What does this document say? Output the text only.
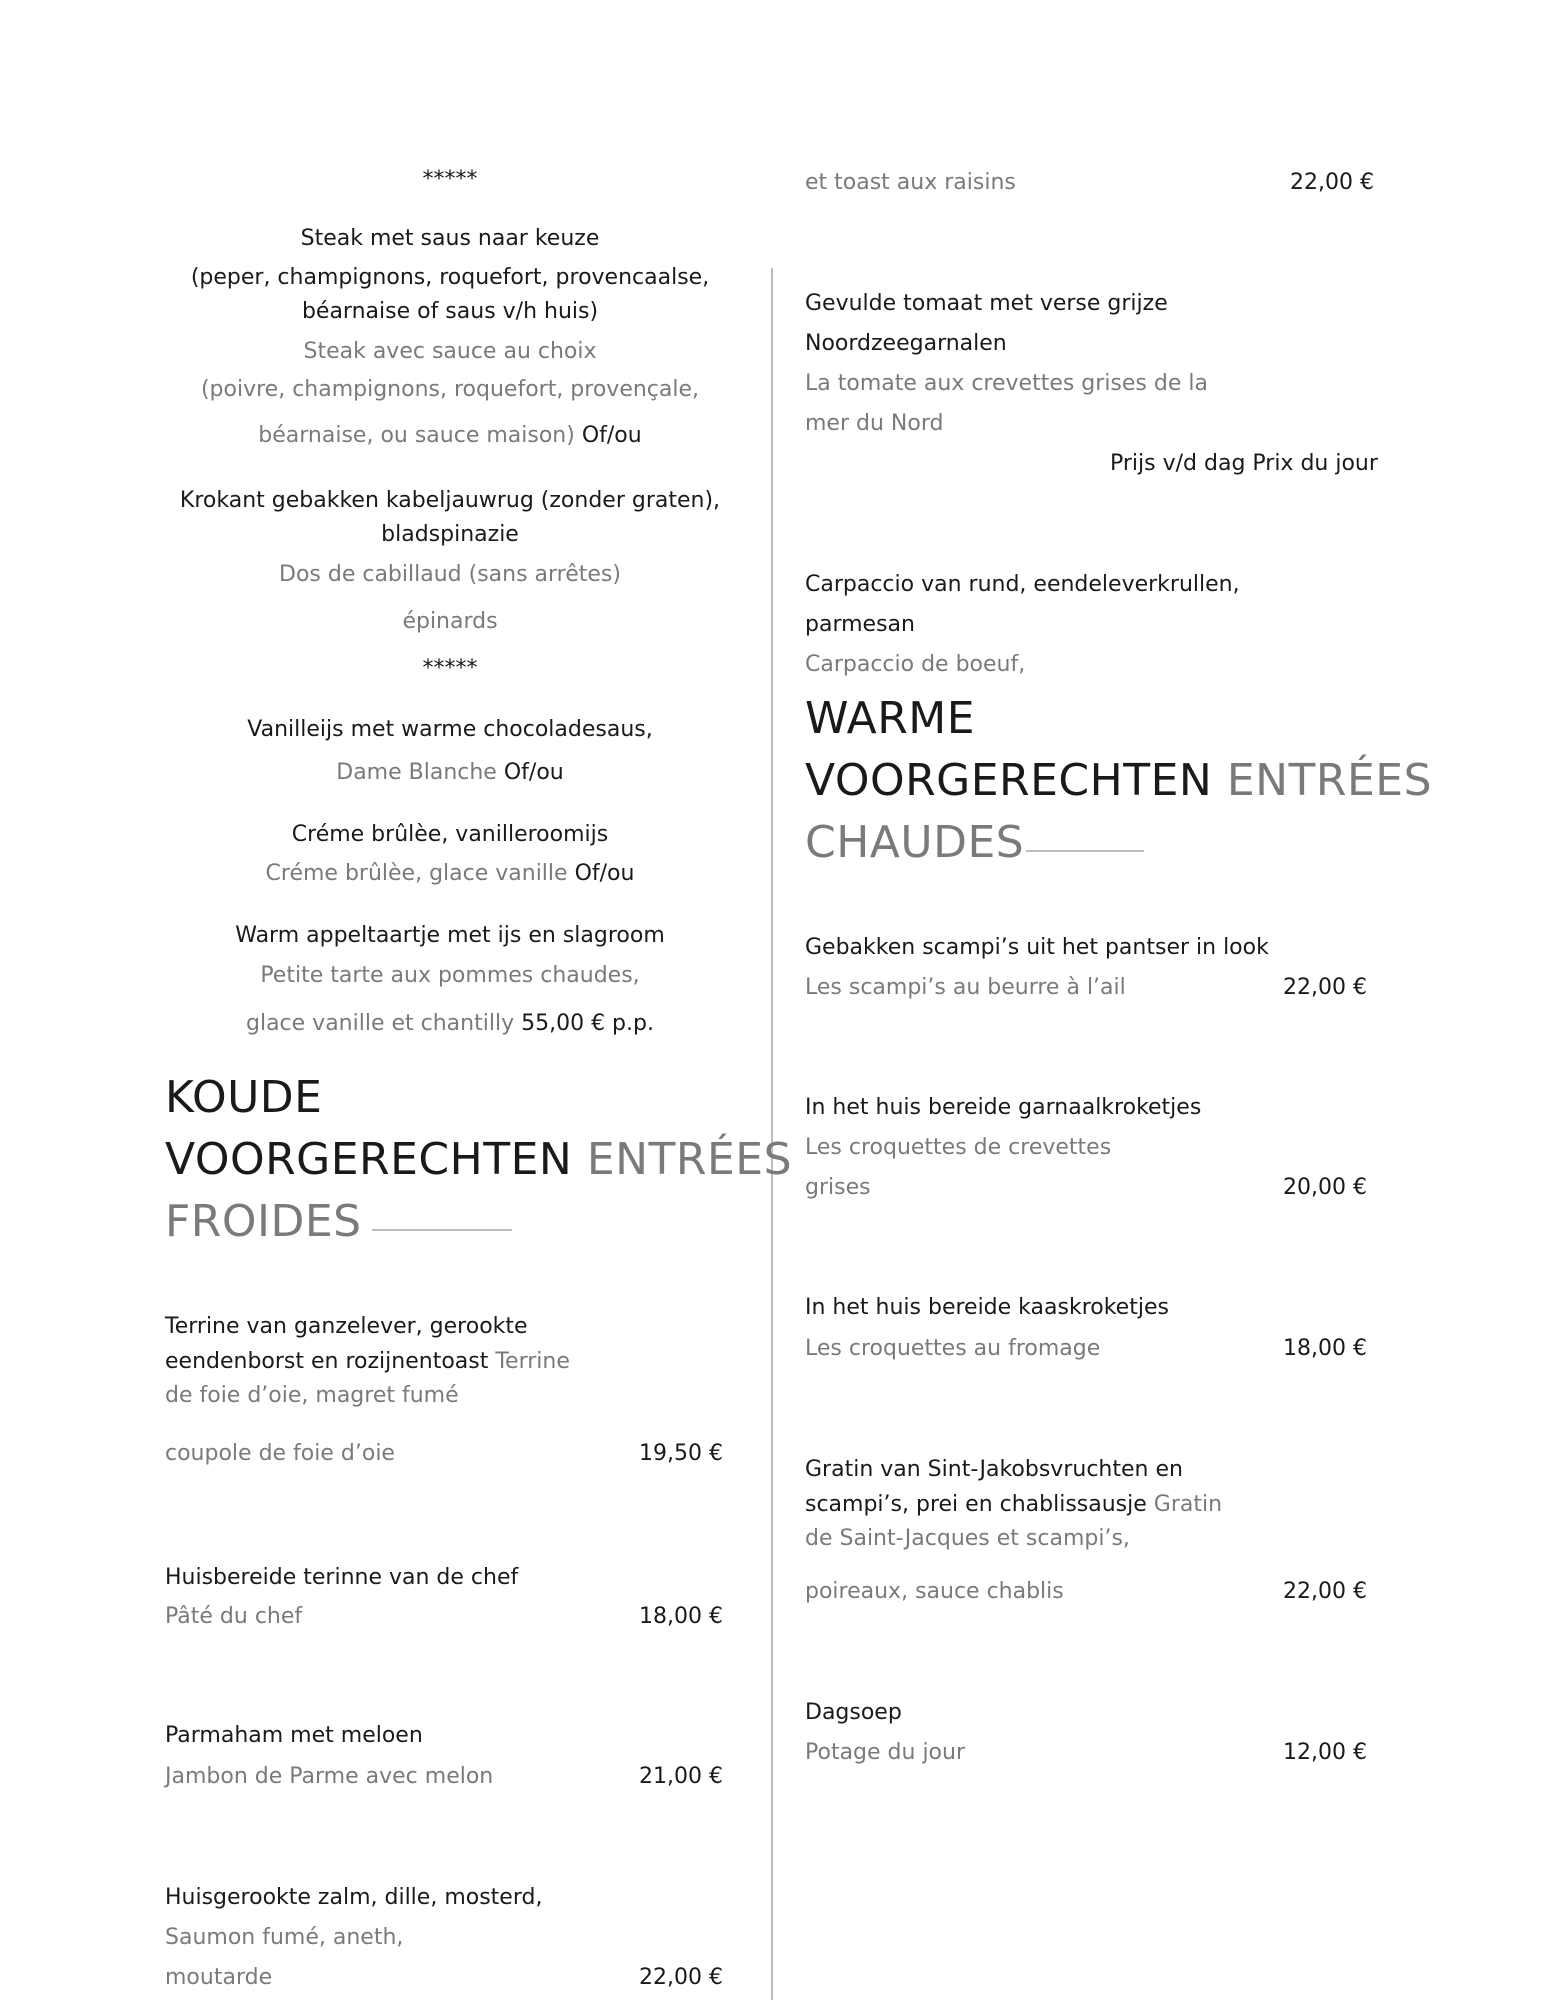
*****

Steak met saus naar keuze

(peper, champignons, roquefort, provencaalse,

béarnaise of saus v/h huis)

Steak avec sauce au choix

(poivre, champignons, roquefort, provençale,

béarnaise, ou sauce maison) Of/ou

Krokant gebakken kabeljauwrug (zonder graten),

bladspinazie

Dos de cabillaud (sans arrêtes)

épinards

*****

Vanilleijs met warme chocoladesaus,

Dame Blanche Of/ou

Créme brûlèe, vanilleroomijs

Créme brûlèe, glace vanille Of/ou

Warm appeltaartje met ijs en slagroom

Petite tarte aux pommes chaudes,

glace vanille et chantilly 55,00 € p.p.

KOUDE
VOORGERECHTEN ENTRÉES
FROIDES

Terrine van ganzelever, gerookte

eendenborst en rozijnentoast Terrine

de foie d’oie, magret fumé

coupole de foie d’oie	19,50 €

Huisbereide terinne van de chef

Pâté du chef	18,00 €

Parmaham met meloen

Jambon de Parme avec melon	21,00 €

Huisgerookte zalm, dille, mosterd,

Saumon fumé, aneth,

moutarde	22,00 €

et toast aux raisins	22,00 €

Gevulde tomaat met verse grijze

Noordzeegarnalen

La tomate aux crevettes grises de la

mer du Nord

Prijs v/d dag Prix du jour

Carpaccio van rund, eendeleverkrullen,

parmesan

Carpaccio de boeuf,

WARME
VOORGERECHTEN ENTRÉES
CHAUDES

Gebakken scampi’s uit het pantser in look

Les scampi’s au beurre à l’ail	22,00 €

In het huis bereide garnaalkroketjes

Les croquettes de crevettes

grises	20,00 €

In het huis bereide kaaskroketjes

Les croquettes au fromage	18,00 €

Gratin van Sint-Jakobsvruchten en

scampi’s, prei en chablissausje Gratin

de Saint-Jacques et scampi’s,

poireaux, sauce chablis	22,00 €

Dagsoep

Potage du jour	12,00 €
